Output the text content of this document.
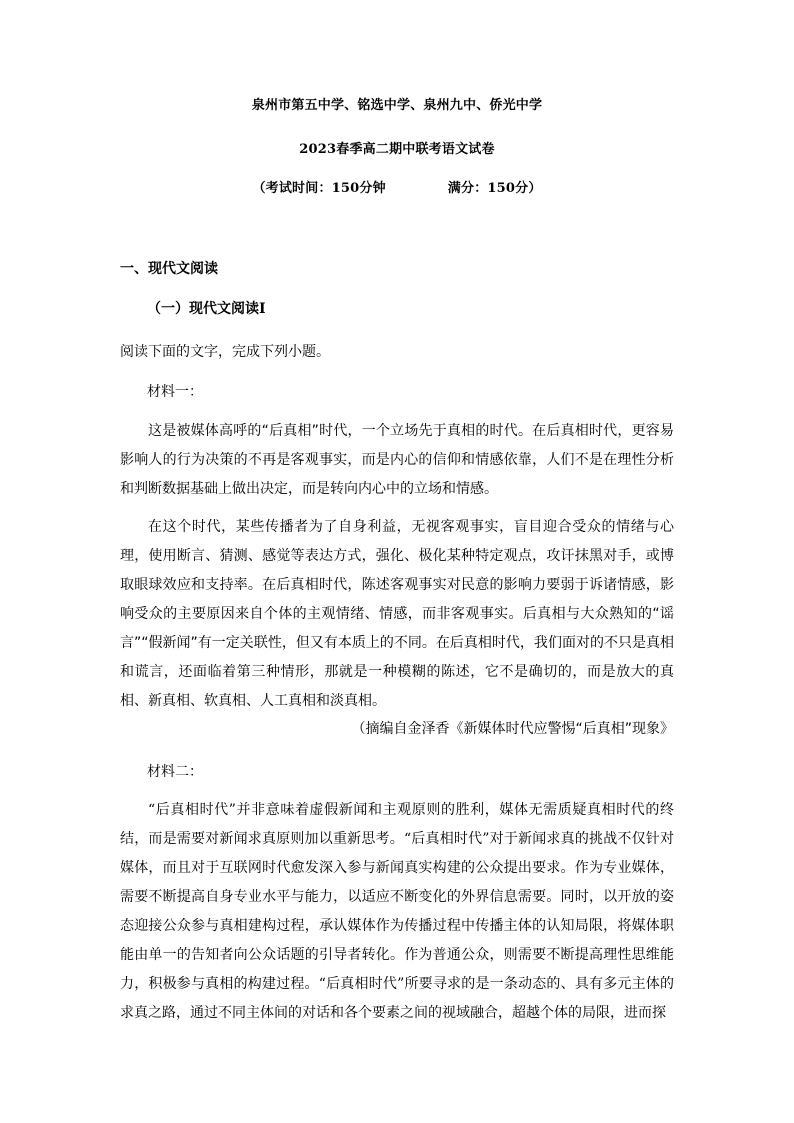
泉州市第五中学、铭选中学、泉州九中、侨光中学
2023春季高二期中联考语文试卷
（考试时间：150分钟	满分：150分）
一、现代文阅读
（一）现代文阅读Ⅰ
阅读下面的文字，完成下列小题。
材料一：
这是被媒体高呼的“后真相”时代，一个立场先于真相的时代。在后真相时代，更容易影响人的行为决策的不再是客观事实，而是内心的信仰和情感依靠，人们不是在理性分析和判断数据基础上做出决定，而是转向内心中的立场和情感。
在这个时代，某些传播者为了自身利益，无视客观事实，盲目迎合受众的情绪与心理，使用断言、猜测、感觉等表达方式，强化、极化某种特定观点，攻讦抹黑对手，或博取眼球效应和支持率。在后真相时代，陈述客观事实对民意的影响力要弱于诉诸情感，影响受众的主要原因来自个体的主观情绪、情感，而非客观事实。后真相与大众熟知的“谣言”“假新闻”有一定关联性，但又有本质上的不同。在后真相时代，我们面对的不只是真相和谎言，还面临着第三种情形，那就是一种模糊的陈述，它不是确切的，而是放大的真相、新真相、软真相、人工真相和淡真相。
（摘编自金泽香《新媒体时代应警惕“后真相”现象》
材料二：
“后真相时代”并非意味着虚假新闻和主观原则的胜利，媒体无需质疑真相时代的终结，而是需要对新闻求真原则加以重新思考。“后真相时代”对于新闻求真的挑战不仅针对媒体，而且对于互联网时代愈发深入参与新闻真实构建的公众提出要求。作为专业媒体，需要不断提高自身专业水平与能力，以适应不断变化的外界信息需要。同时，以开放的姿态迎接公众参与真相建构过程，承认媒体作为传播过程中传播主体的认知局限，将媒体职能由单一的告知者向公众话题的引导者转化。作为普通公众，则需要不断提高理性思维能力，积极参与真相的构建过程。“后真相时代”所要寻求的是一条动态的、具有多元主体的求真之路，通过不同主体间的对话和各个要素之间的视域融合，超越个体的局限，进而探
